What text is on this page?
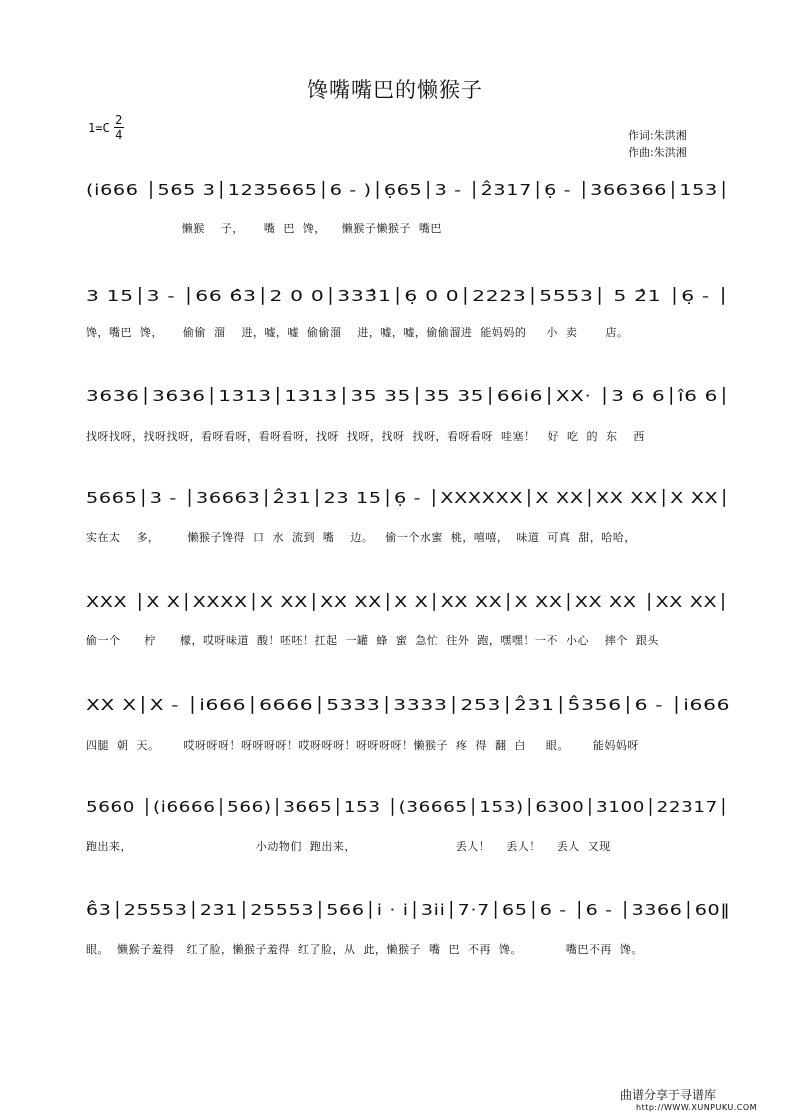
馋嘴嘴巴的懒猴子
$1=C \frac{2}{4}$	作词:朱洪湘
作曲:朱洪湘
(i666 │565 3│1235665│6 - )│6̣65│3 - │2̂317│6̣ - │366366│153│
懒猴    子，     嘴  巴  馋，    懒猴子懒猴子  嘴巴
3 15│3 - │66 6̂3│2 0 0│333̂1│6̣ 0 0│2223│5553│ 5 2̂1 │6̣ - │
馋，嘴巴  馋，     偷偷  溜    进，嘘，嘘  偷偷溜    进，嘘，嘘，偷偷溜进  能妈妈的     小  卖       店。
3636│3636│1313│1313│35 35│35 35│66i6│XX· │3 6 6│î6 6│
找呀找呀，找呀找呀，看呀看呀，看呀看呀，找呀  找呀，找呀  找呀，看呀看呀  哇塞！   好  吃  的  东    西
5665│3 - │36663│2̂31│23 15│6̣ - │XXXXXX│X XX│XX XX│X XX│
实在太    多，       懒猴子馋得  口  水  流到  嘴    边。   偷一个水蜜  桃，嘻嘻，  味道  可真  甜，哈哈，
XXX │X X│XXXX│X XX│XX XX│X X│XX XX│X XX│XX XX │XX XX│
偷一个      柠      檬，哎呀味道  酸！呸呸！扛起  一罐  蜂  蜜  急忙  往外  跑，嘿嘿！一不  小心    摔个  跟头
XX X│X - │i666│6666│5333│3333│253│2̂31│5̂356│6 - │i666
四腿  朝  天。      哎呀呀呀！呀呀呀呀！哎呀呀呀！呀呀呀呀！懒猴子  疼  得  翻  白     眼。      能妈妈呀
5660 │(i6666│566)│3665│153 │(36665│153)│6300│3100│22317│
跑出来，                               小动物们  跑出来，                         丢人！    丢人！    丢人  又现
6̂3│25553│231│25553│566│i · i│3ii│7·7│65│6 - │6 - │3366│60‖
眼。  懒猴子羞得   红了脸，懒猴子羞得  红了脸，从  此，懒猴子  嘴  巴  不再  馋。           嘴巴不再  馋。
曲谱分享于寻谱库
http://WWW.XUNPUKU.COM
